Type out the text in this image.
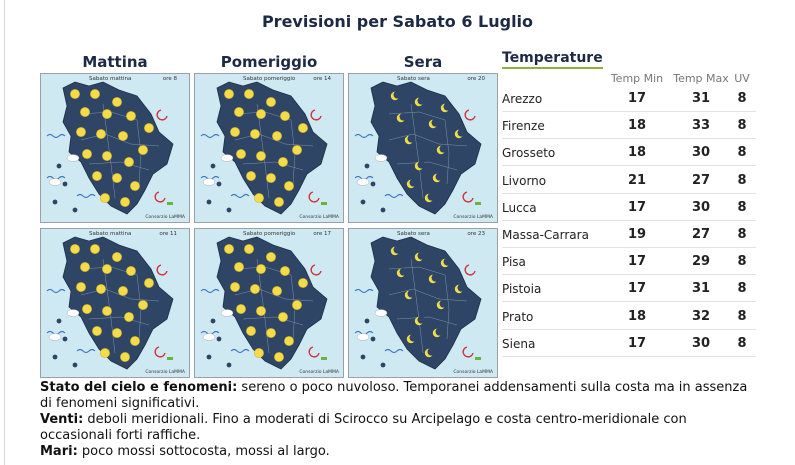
Previsioni per Sabato 6 Luglio
Mattina	Pomeriggio	Sera
Sabato mattina	ore 8
Consorzio LaMMA
Sabato pomeriggio	ore 14
Consorzio LaMMA
Sabato sera	ore 20
Consorzio LaMMA
Sabato mattina	ore 11
Consorzio LaMMA
Sabato pomeriggio	ore 17
Consorzio LaMMA
Sabato sera	ore 23
Consorzio LaMMA
Temperature
Temp Min Temp Max UV
Arezzo	17	31	8
Firenze	18	33	8
Grosseto	18	30	8
Livorno	21	27	8
Lucca	17	30	8
Massa-Carrara	19	27	8
Pisa	17	29	8
Pistoia	17	31	8
Prato	18	32	8
Siena	17	30	8
Stato del cielo e fenomeni: sereno o poco nuvoloso. Temporanei addensamenti sulla costa ma in assenza di fenomeni significativi.
Venti: deboli meridionali. Fino a moderati di Scirocco su Arcipelago e costa centro-meridionale con occasionali forti raffiche.
Mari: poco mossi sottocosta, mossi al largo.
